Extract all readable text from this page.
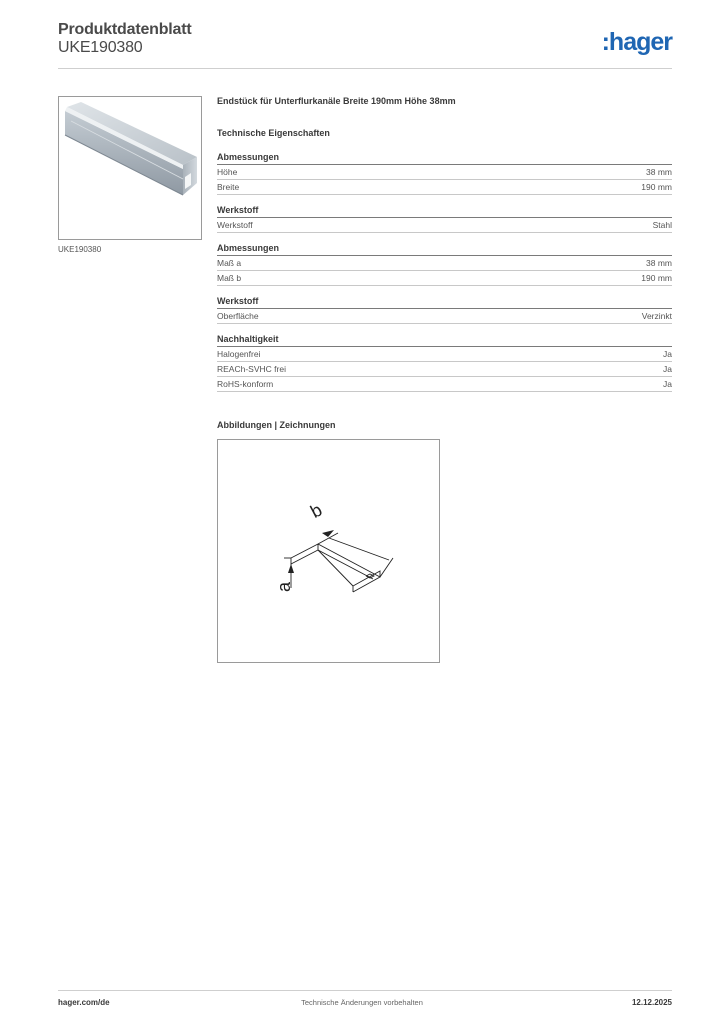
Produktdatenblatt
UKE190380	:hager
UKE190380
Endstück für Unterflurkanäle Breite 190mm Höhe 38mm
Technische Eigenschaften
Abmessungen
Höhe	38 mm
Breite	190 mm
Werkstoff
Werkstoff	Stahl
Abmessungen
Maß a	38 mm
Maß b	190 mm
Werkstoff
Oberfläche	Verzinkt
Nachhaltigkeit
Halogenfrei	Ja
REACh-SVHC frei	Ja
RoHS-konform	Ja
Abbildungen | Zeichnungen
b
a
hager.com/de	Technische Änderungen vorbehalten	12.12.2025
